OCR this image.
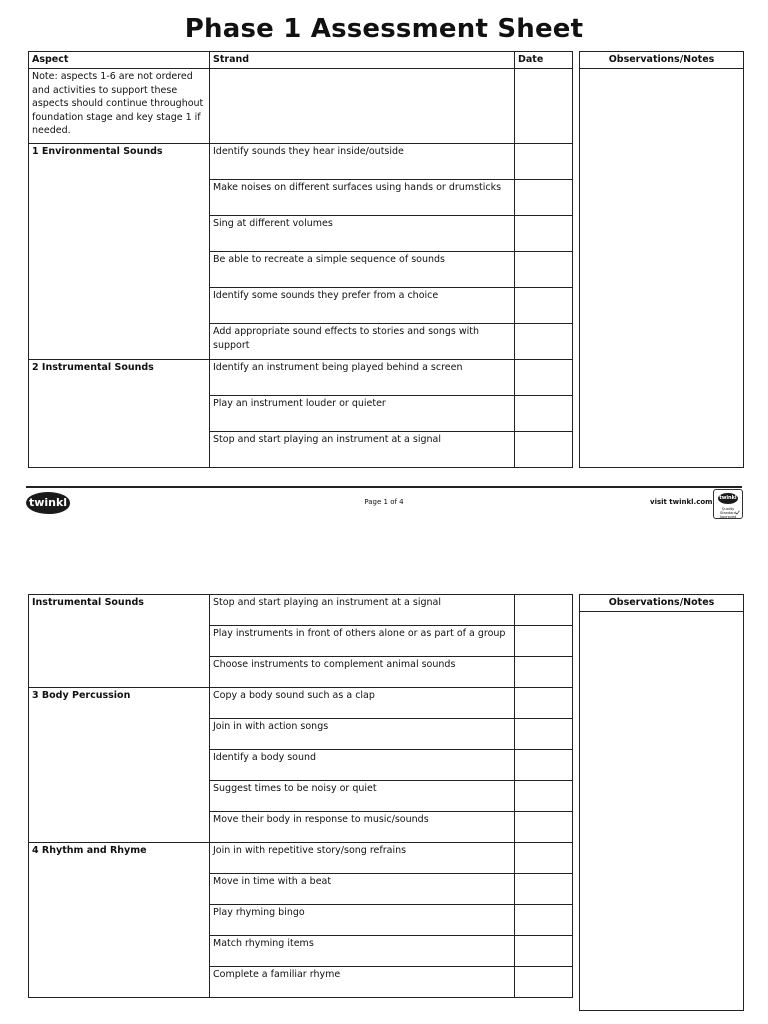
Phase 1 Assessment Sheet
Aspect	Strand	Date
Note: aspects 1-6 are not ordered and activities to support these aspects should continue throughout foundation stage and key stage 1 if needed.		
1 Environmental Sounds	Identify sounds they hear inside/outside	
	Make noises on different surfaces using hands or drumsticks	
	Sing at different volumes	
	Be able to recreate a simple sequence of sounds	
	Identify some sounds they prefer from a choice	
	Add appropriate sound effects to stories and songs with support	
2 Instrumental Sounds	Identify an instrument being played behind a screen	
	Play an instrument louder or quieter	
	Stop and start playing an instrument at a signal	
Observations/Notes
twinkl	Page 1 of 4	visit twinkl.com twinkl
Quality Standard Approved
✓
Instrumental Sounds	Stop and start playing an instrument at a signal	
	Play instruments in front of others alone or as part of a group	
	Choose instruments to complement animal sounds	
3 Body Percussion	Copy a body sound such as a clap	
	Join in with action songs	
	Identify a body sound	
	Suggest times to be noisy or quiet	
	Move their body in response to music/sounds	
4 Rhythm and Rhyme	Join in with repetitive story/song refrains	
	Move in time with a beat	
	Play rhyming bingo	
	Match rhyming items	
	Complete a familiar rhyme	
Observations/Notes
